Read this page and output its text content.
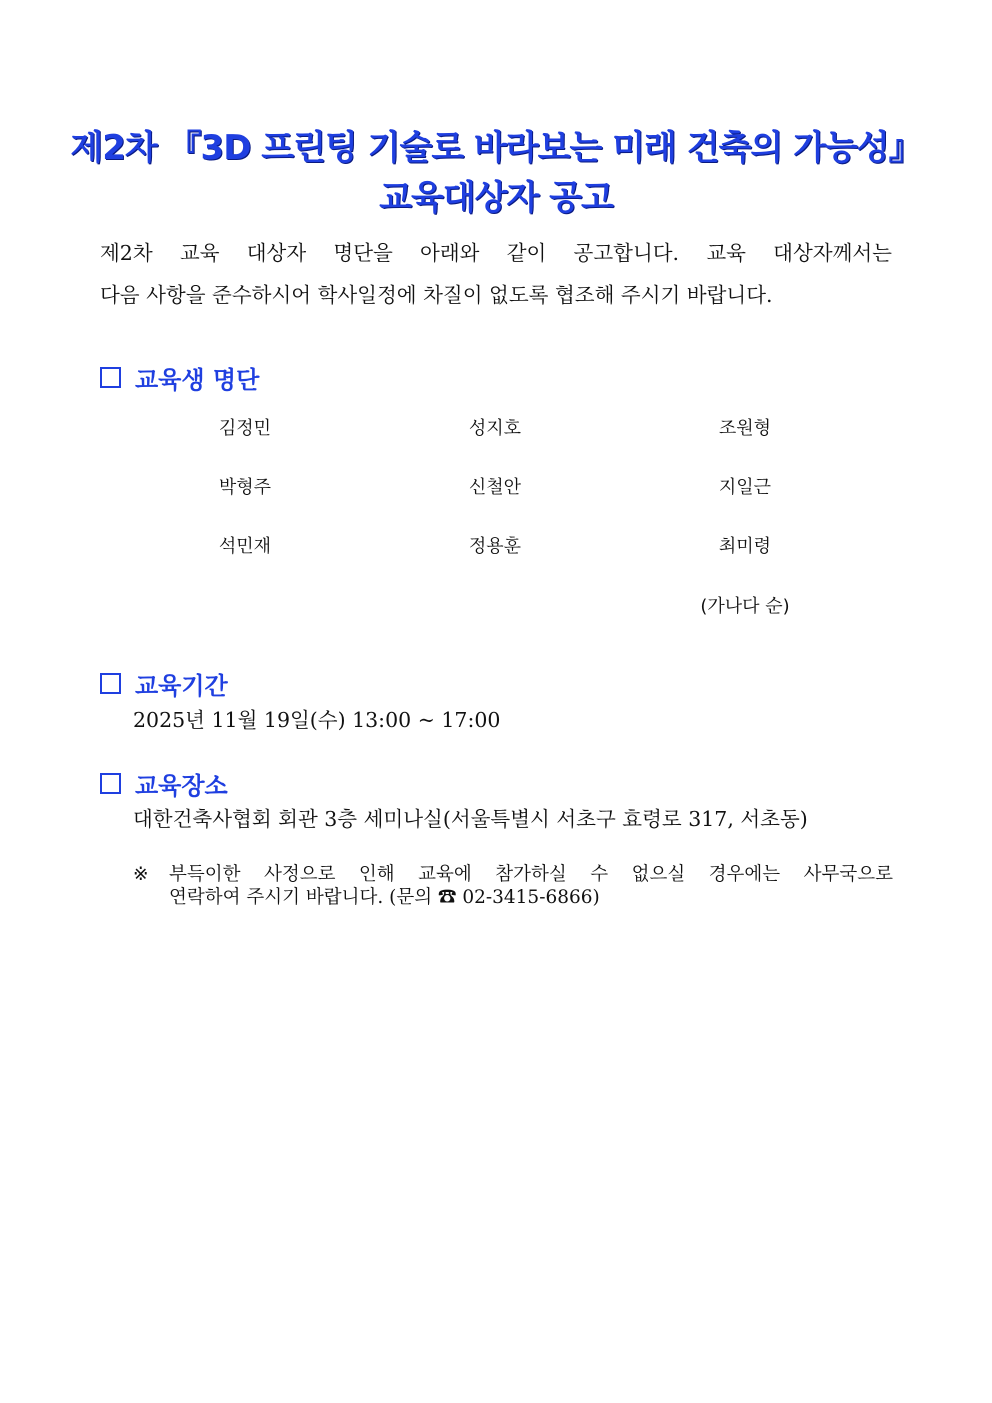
제2차 『3D 프린팅 기술로 바라보는 미래 건축의 가능성』
교육대상자 공고
제2차 교육 대상자 명단을 아래와 같이 공고합니다. 교육 대상자께서는
다음 사항을 준수하시어 학사일정에 차질이 없도록 협조해 주시기 바랍니다.
교육생 명단
김정민	성지호	조원형
박형주	신철안	지일근
석민재	정용훈	최미령
(가나다 순)
교육기간
2025년 11월 19일(수) 13:00 ~ 17:00
교육장소
대한건축사협회 회관 3층 세미나실(서울특별시 서초구 효령로 317, 서초동)
※ 부득이한 사정으로 인해 교육에 참가하실 수 없으실 경우에는 사무국으로
연락하여 주시기 바랍니다. (문의 ☎ 02-3415-6866)
